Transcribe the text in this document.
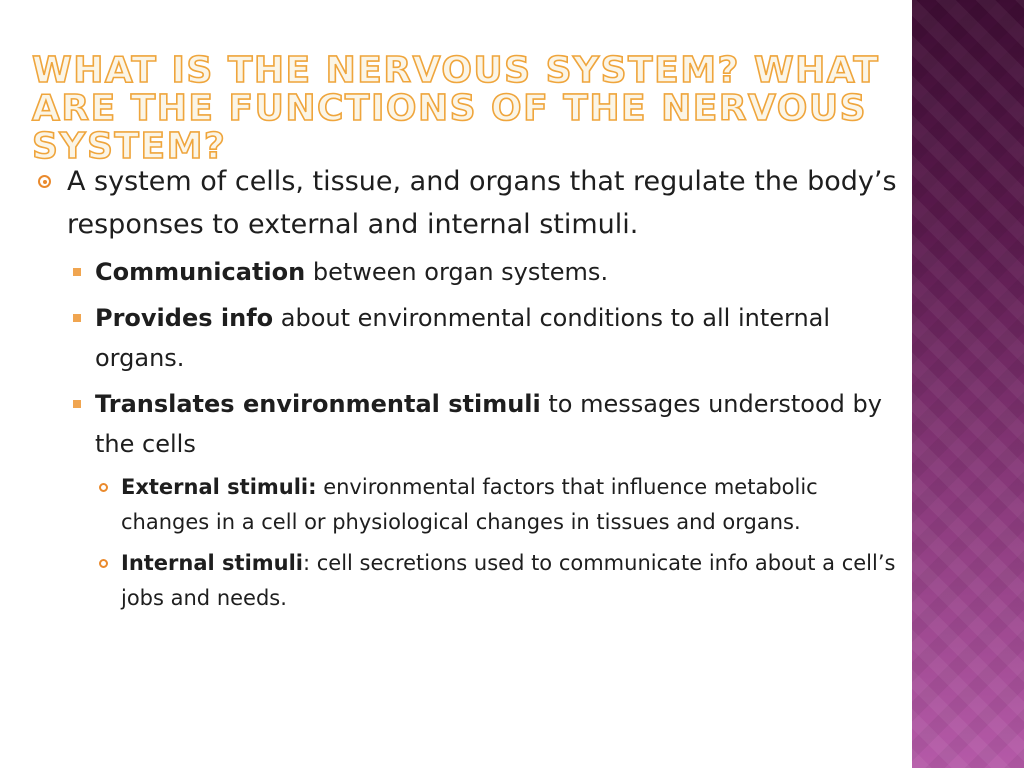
WHAT IS THE NERVOUS SYSTEM? WHAT ARE THE FUNCTIONS OF THE NERVOUS SYSTEM?
A system of cells, tissue, and organs that regulate the body’s responses to external and internal stimuli.
Communication between organ systems.
Provides info about environmental conditions to all internal organs.
Translates environmental stimuli to messages understood by the cells
External stimuli: environmental factors that influence metabolic changes in a cell or physiological changes in tissues and organs.
Internal stimuli: cell secretions used to communicate info about a cell’s jobs and needs.
